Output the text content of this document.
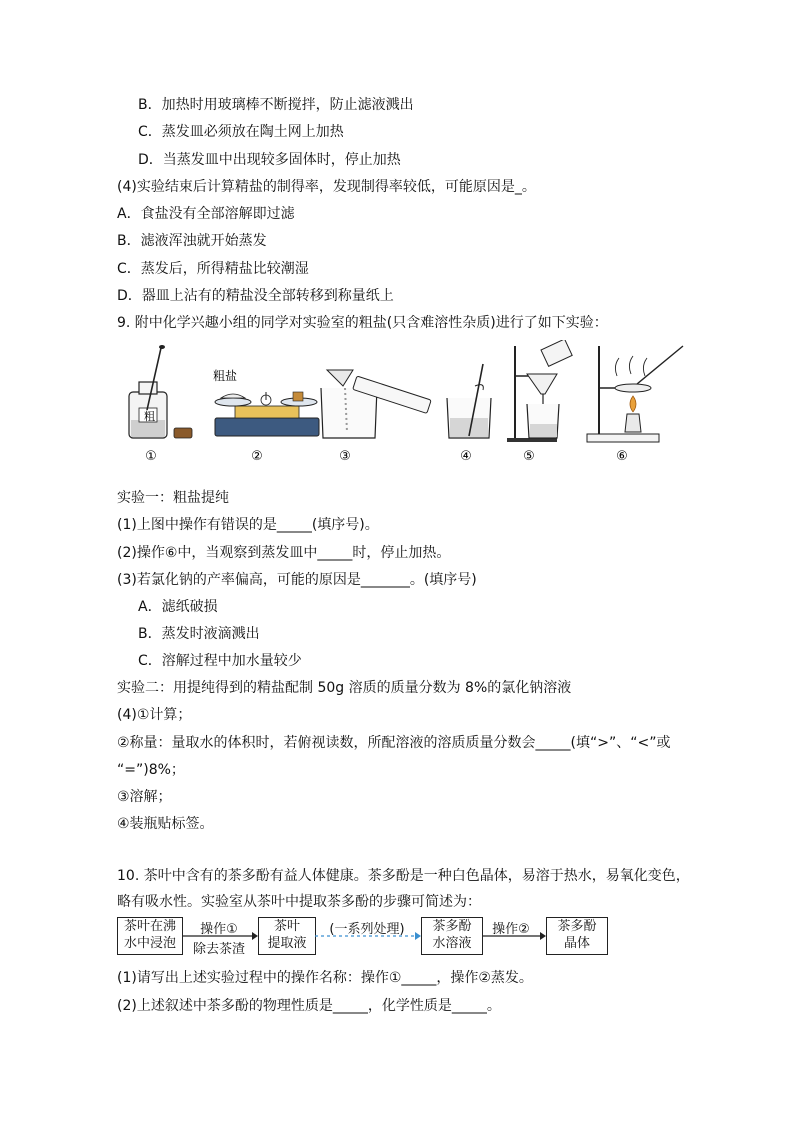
B．加热时用玻璃棒不断搅拌，防止滤液溅出
C．蒸发皿必须放在陶土网上加热
D．当蒸发皿中出现较多固体时，停止加热
(4)实验结束后计算精盐的制得率，发现制得率较低，可能原因是_。
A．食盐没有全部溶解即过滤
B．滤液浑浊就开始蒸发
C．蒸发后，所得精盐比较潮湿
D．器皿上沾有的精盐没全部转移到称量纸上
9. 附中化学兴趣小组的同学对实验室的粗盐(只含难溶性杂质)进行了如下实验：
粗
粗盐
①	②	③	④	⑤	⑥
实验一：粗盐提纯
(1)上图中操作有错误的是_____(填序号)。
(2)操作⑥中，当观察到蒸发皿中_____时，停止加热。
(3)若氯化钠的产率偏高，可能的原因是_______。(填序号)
A．滤纸破损
B．蒸发时液滴溅出
C．溶解过程中加水量较少
实验二：用提纯得到的精盐配制 50g 溶质的质量分数为 8%的氯化钠溶液
(4)①计算；
②称量：量取水的体积时，若俯视读数，所配溶液的溶质质量分数会_____(填“>”、“<”或
“=”)8%；
③溶解；
④装瓶贴标签。
10. 茶叶中含有的茶多酚有益人体健康。茶多酚是一种白色晶体，易溶于热水，易氧化变色，
略有吸水性。实验室从茶叶中提取茶多酚的步骤可简述为：
茶叶在沸
水中浸泡
操作①
除去茶渣
茶叶
提取液
(一系列处理)	茶多酚
水溶液
操作②	茶多酚
晶体
(1)请写出上述实验过程中的操作名称：操作①_____，操作②蒸发。
(2)上述叙述中茶多酚的物理性质是_____，化学性质是_____。
